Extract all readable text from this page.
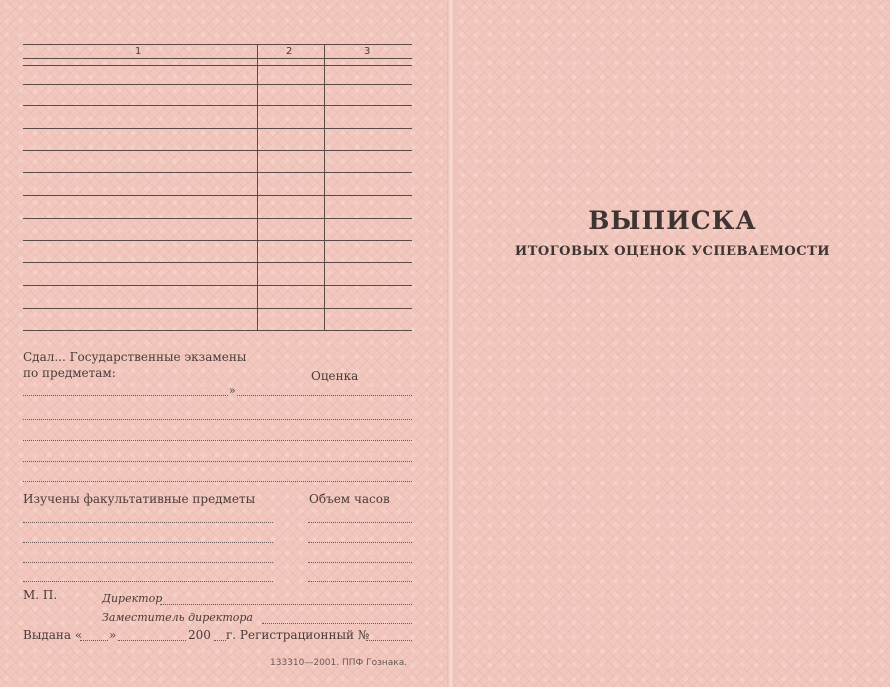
1	2	3
Сдал... Государственные экзамены
по предметам:	Оценка
»
Изучены факультативные предметы	Объем часов
М. П.	Директор
Заместитель директора
Выдана « »	200 г. Регистрационный №
133310—2001. ППФ Гознака.
ВЫПИСКА
ИТОГОВЫХ ОЦЕНОК УСПЕВАЕМОСТИ
